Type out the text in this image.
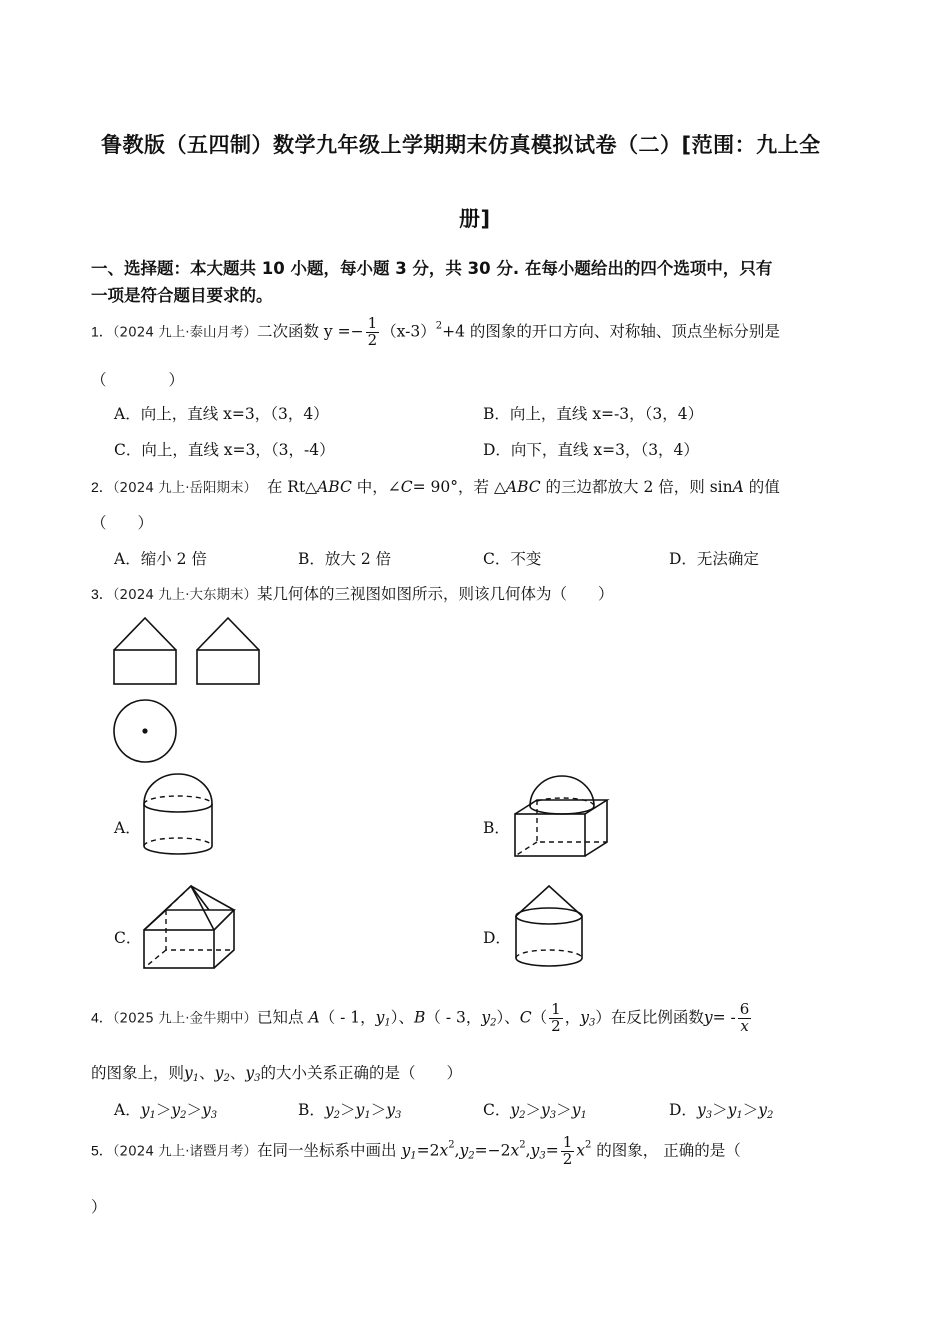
鲁教版（五四制）数学九年级上学期期末仿真模拟试卷（二）[范围：九上全
册]
一、选择题：本大题共 10 小题，每小题 3 分，共 30 分. 在每小题给出的四个选项中，只有
一项是符合题目要求的。
1．（2024 九上·泰山月考）二次函数 $y =- \frac{1}{2} (x-3)^2+4$ 的图象的开口方向、对称轴、顶点坐标分别是
（　　　　）
A．向上，直线 x=3，（3，4）	B．向上，直线 x=-3，（3，4）
C．向上，直线 x=3，（3，-4）	D．向下，直线 x=3，（3，4）
2．（2024 九上·岳阳期末） 在 Rt△ABC 中，∠C= 90°，若 △ABC 的三边都放大 2 倍，则 sinA 的值
（　　）
A．缩小 2 倍	B．放大 2 倍	C．不变	D．无法确定
3．（2024 九上·大东期末）某几何体的三视图如图所示，则该几何体为（　　）
A．	B．
C．	D．
4．（2025 九上·金牛期中）已知点 A（ - 1，$y_1$）、B（ - 3，$y_2$）、$C( \frac{1}{2}$ ，$y_3$）在反比例函数$y= - \frac{6}{x}$
的图象上，则$y_1$、$y_2$、$y_3$的大小关系正确的是（　　）
A．$y_1>y_2>y_3$	B．$y_2>y_1>y_3$	C．$y_2>y_3>y_1$	D．$y_3>y_1>y_2$
5．（2024 九上·诸暨月考）在同一坐标系中画出 $y_1=2x^2,y_2=-2x^2,y_3= \frac{1}{2} x^2$ 的图象， 正确的是（
）
